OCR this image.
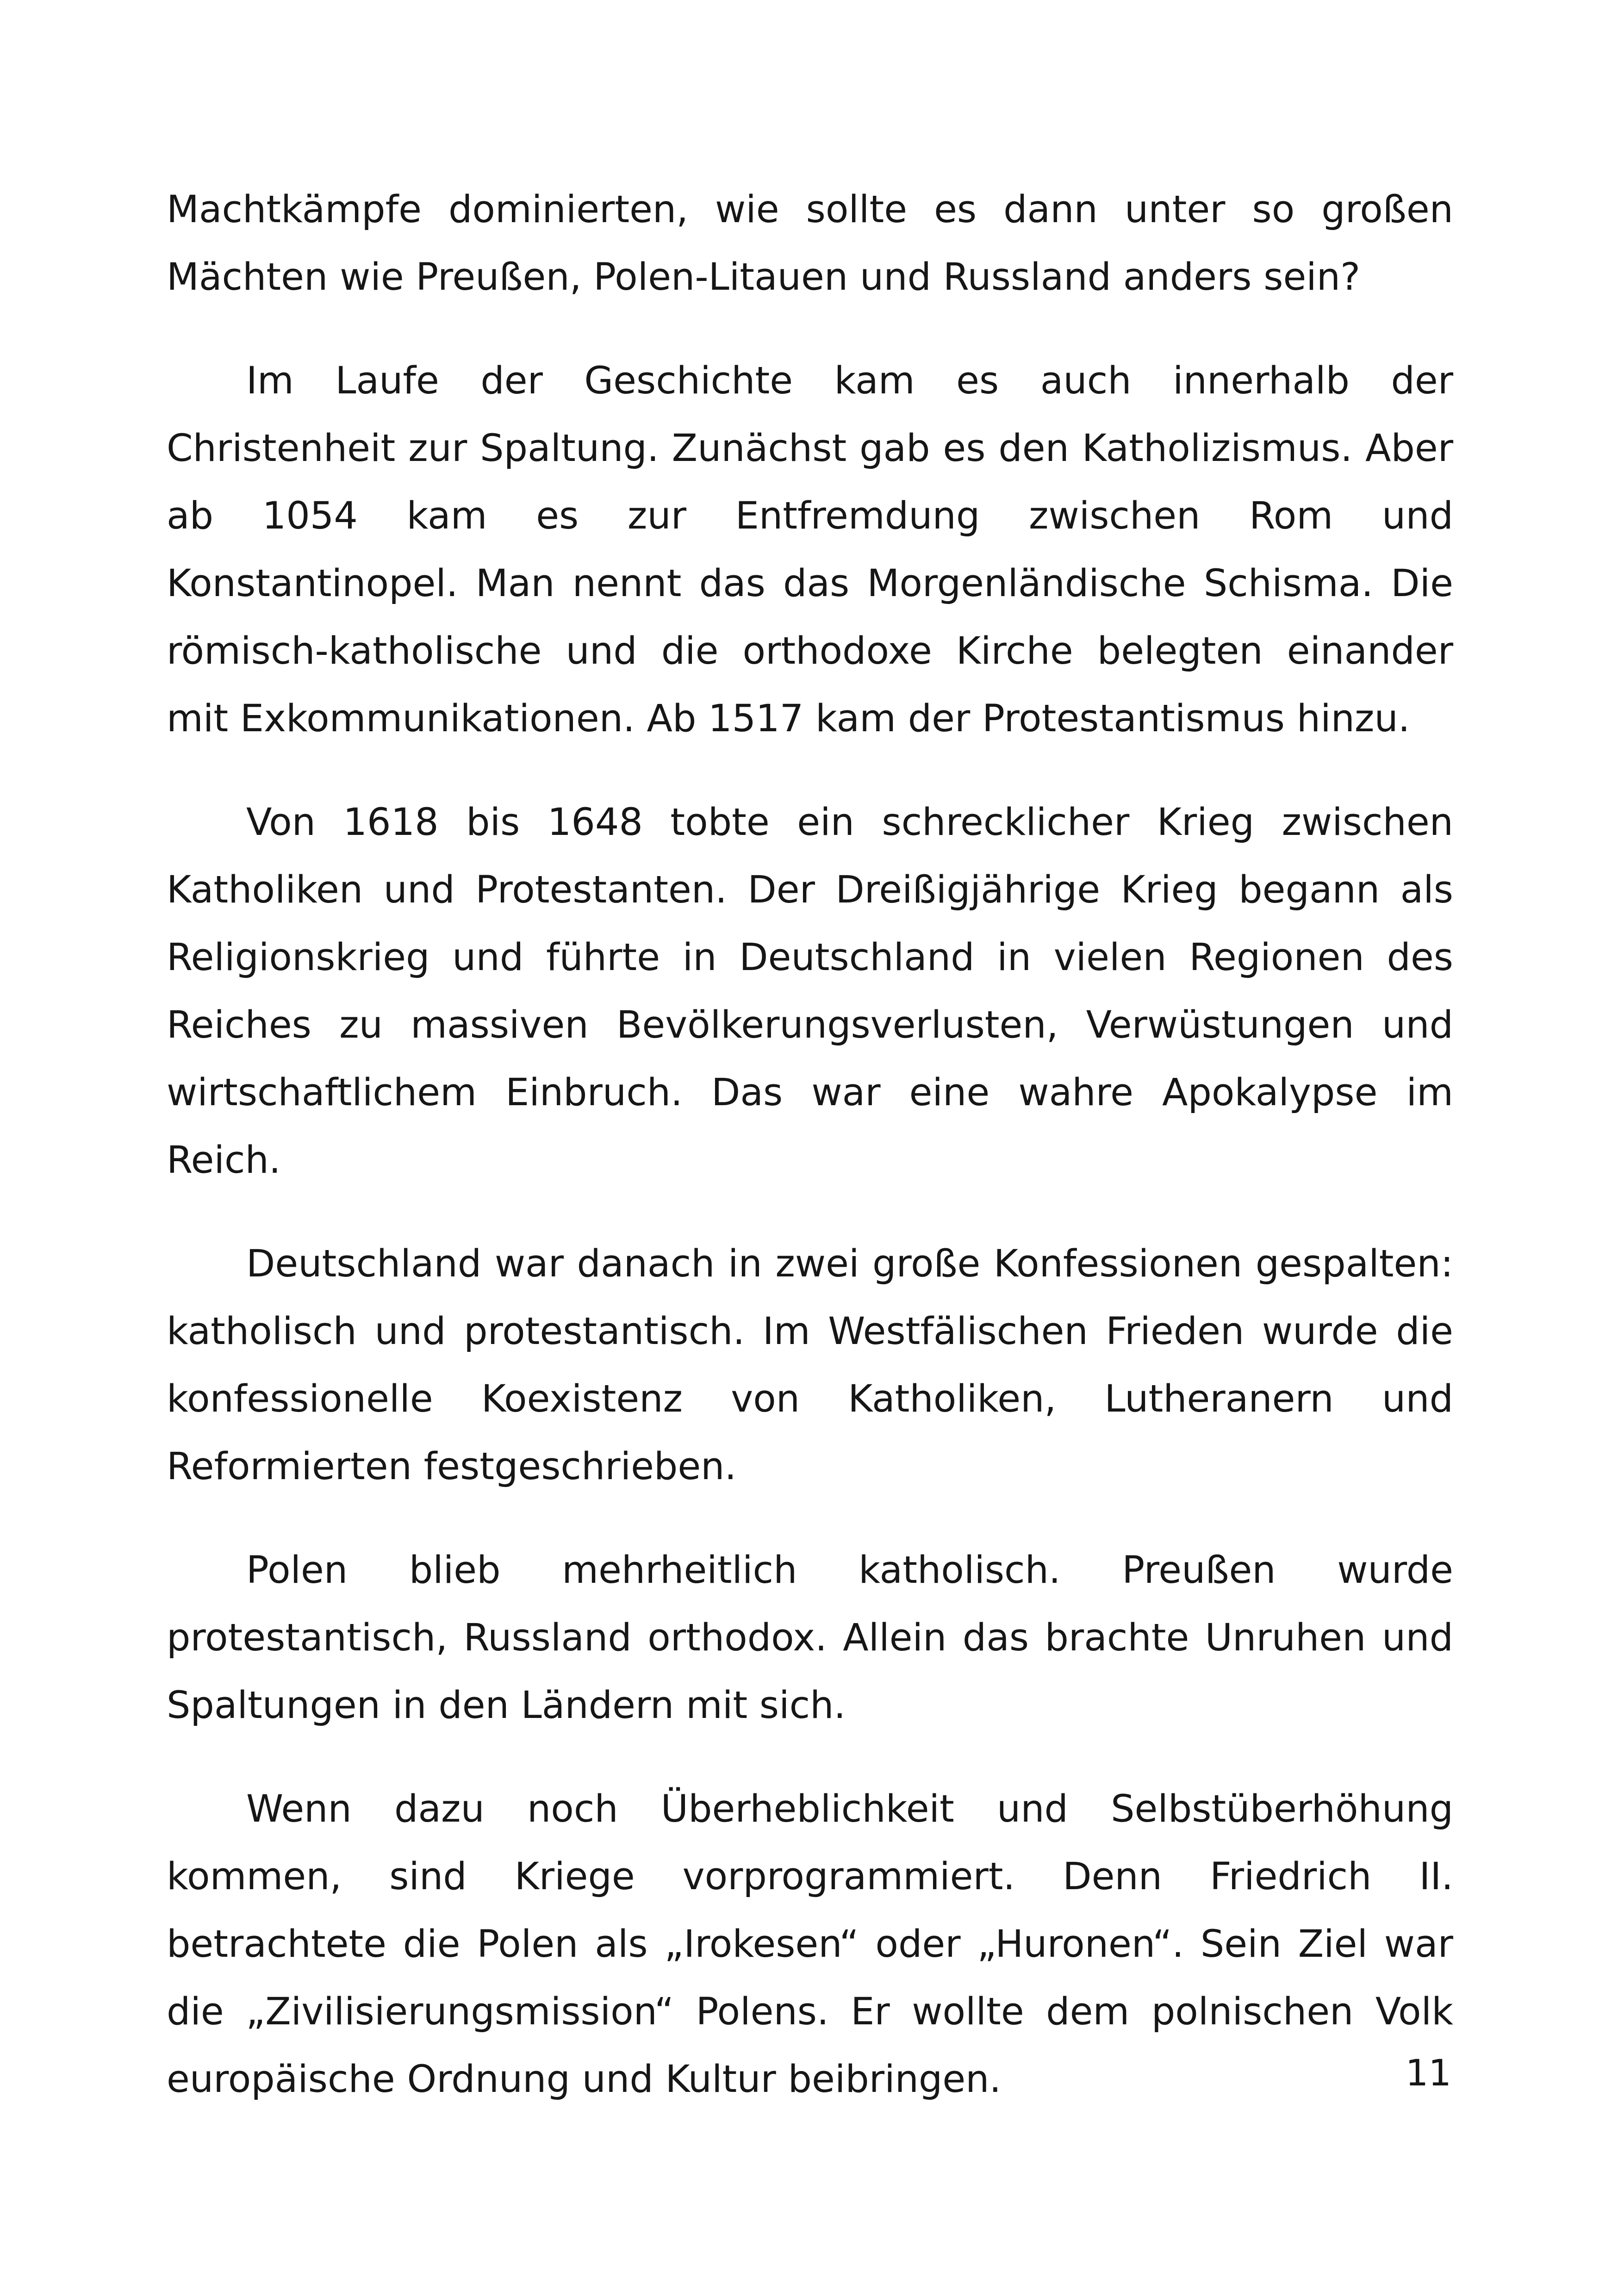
Machtkämpfe dominierten, wie sollte es dann unter so großen Mächten wie Preußen, Polen-Litauen und Russland anders sein?

Im Laufe der Geschichte kam es auch innerhalb der Christenheit zur Spaltung. Zunächst gab es den Katholizismus. Aber ab 1054 kam es zur Entfremdung zwischen Rom und Konstantinopel. Man nennt das das Morgenländische Schisma. Die römisch-katholische und die orthodoxe Kirche belegten einander mit Exkommunikationen. Ab 1517 kam der Protestantismus hinzu.

Von 1618 bis 1648 tobte ein schrecklicher Krieg zwischen Katholiken und Protestanten. Der Dreißigjährige Krieg begann als Religionskrieg und führte in Deutschland in vielen Regionen des Reiches zu massiven Bevölkerungsverlusten, Verwüstungen und wirtschaftlichem Einbruch. Das war eine wahre Apokalypse im Reich.

Deutschland war danach in zwei große Konfessionen gespalten: katholisch und protestantisch. Im Westfälischen Frieden wurde die konfessionelle Koexistenz von Katholiken, Lutheranern und Reformierten festgeschrieben.

Polen blieb mehrheitlich katholisch. Preußen wurde protestantisch, Russland orthodox. Allein das brachte Unruhen und Spaltungen in den Ländern mit sich.

Wenn dazu noch Überheblichkeit und Selbstüberhöhung kommen, sind Kriege vorprogrammiert. Denn Friedrich II. betrachtete die Polen als „Irokesen“ oder „Huronen“. Sein Ziel war die „Zivilisierungsmission“ Polens. Er wollte dem polnischen Volk europäische Ordnung und Kultur beibringen.	11
